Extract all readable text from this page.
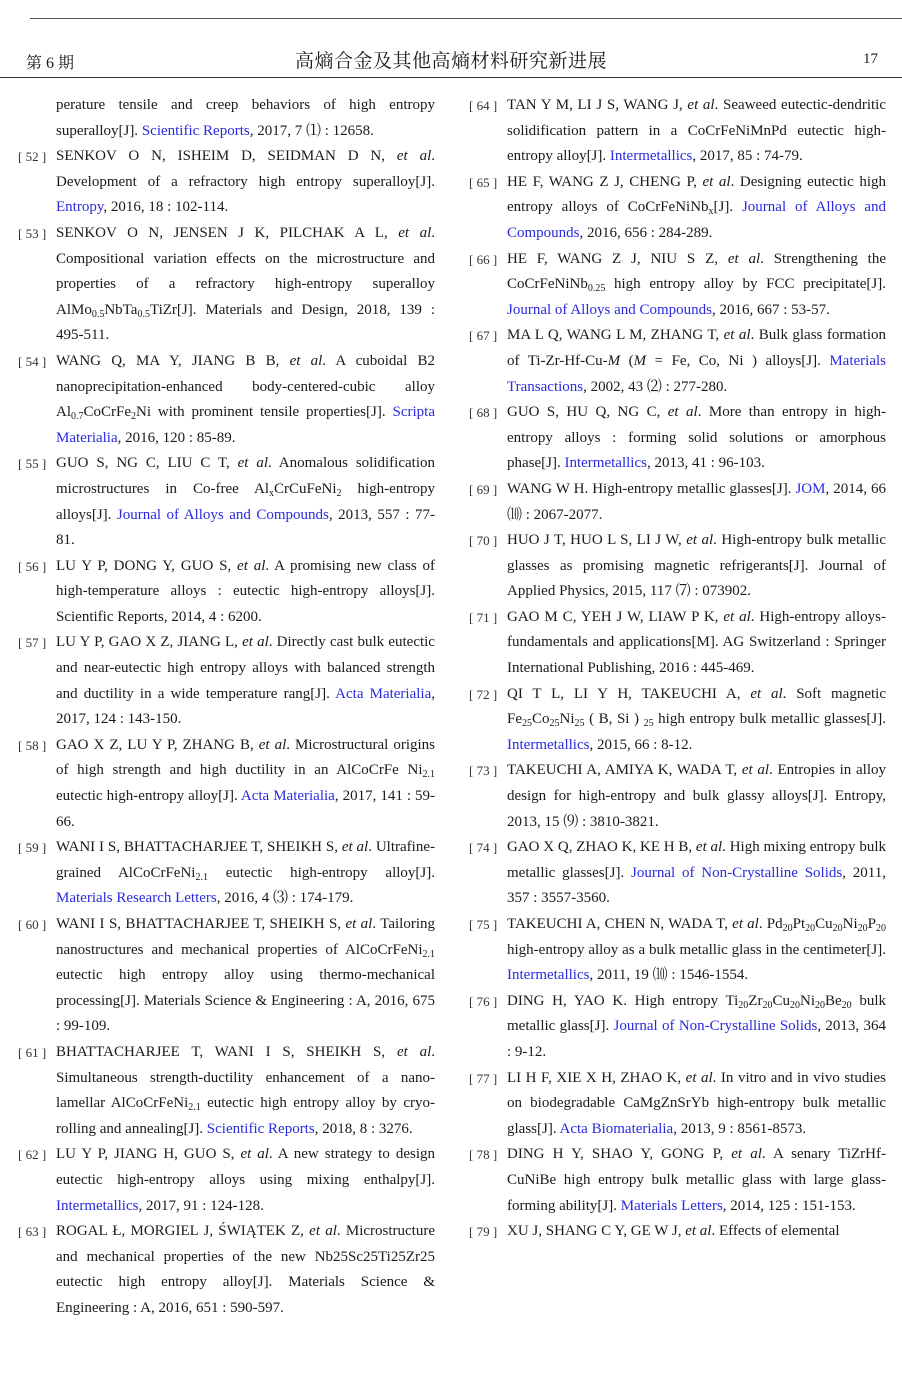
第 6 期	高熵合金及其他高熵材料研究新进展	17
perature tensile and creep behaviors of high entropy superalloy[J]. Scientific Reports, 2017, 7 ⑴ : 12658.
[ 52 ] SENKOV O N, ISHEIM D, SEIDMAN D N, et al. Development of a refractory high entropy superalloy[J]. Entropy, 2016, 18 : 102-114.
[ 53 ] SENKOV O N, JENSEN J K, PILCHAK A L, et al. Compositional variation effects on the microstructure and properties of a refractory high-entropy superalloy AlMo$_{0.5}$NbTa$_{0.5}$TiZr[J]. Materials and Design, 2018, 139 : 495-511.
[ 54 ] WANG Q, MA Y, JIANG B B, et al. A cuboidal B2 nanoprecipitation-enhanced body-centered-cubic alloy $Al_{0.7}CoCrFe_2Ni$ with prominent tensile properties[J]. Scripta Materialia, 2016, 120 : 85-89.
[ 55 ] GUO S, NG C, LIU C T, et al. Anomalous solidification microstructures in Co-free $Al_xCrCuFeNi_2$ high-entropy alloys[J]. Journal of Alloys and Compounds, 2013, 557 : 77-81.
[ 56 ] LU Y P, DONG Y, GUO S, et al. A promising new class of high-temperature alloys : eutectic high-entropy alloys[J]. Scientific Reports, 2014, 4 : 6200.
[ 57 ] LU Y P, GAO X Z, JIANG L, et al. Directly cast bulk eutectic and near-eutectic high entropy alloys with balanced strength and ductility in a wide temperature rang[J]. Acta Materialia, 2017, 124 : 143-150.
[ 58 ] GAO X Z, LU Y P, ZHANG B, et al. Microstructural origins of high strength and high ductility in an AlCoCrFe $Ni_{2.1}$ eutectic high-entropy alloy[J]. Acta Materialia, 2017, 141 : 59-66.
[ 59 ] WANI I S, BHATTACHARJEE T, SHEIKH S, et al. Ultrafine-grained AlCoCrFeNi$_{2.1}$ eutectic high-entropy alloy[J]. Materials Research Letters, 2016, 4 ⑶ : 174-179.
[ 60 ] WANI I S, BHATTACHARJEE T, SHEIKH S, et al. Tailoring nanostructures and mechanical properties of AlCoCrFeNi$_{2.1}$ eutectic high entropy alloy using thermo-mechanical processing[J]. Materials Science & Engineering : A, 2016, 675 : 99-109.
[ 61 ] BHATTACHARJEE T, WANI I S, SHEIKH S, et al. Simultaneous strength-ductility enhancement of a nano-lamellar AlCoCrFeNi$_{2.1}$ eutectic high entropy alloy by cryo-rolling and annealing[J]. Scientific Reports, 2018, 8 : 3276.
[ 62 ] LU Y P, JIANG H, GUO S, et al. A new strategy to design eutectic high-entropy alloys using mixing enthalpy[J]. Intermetallics, 2017, 91 : 124-128.
[ 63 ] ROGAL Ł, MORGIEL J, ŚWIĄTEK Z, et al. Microstructure and mechanical properties of the new Nb25Sc25Ti25Zr25 eutectic high entropy alloy[J]. Materials Science & Engineering : A, 2016, 651 : 590-597.
[ 64 ] TAN Y M, LI J S, WANG J, et al. Seaweed eutectic-dendritic solidification pattern in a CoCrFeNiMnPd eutectic high-entropy alloy[J]. Intermetallics, 2017, 85 : 74-79.
[ 65 ] HE F, WANG Z J, CHENG P, et al. Designing eutectic high entropy alloys of CoCrFeNiNb$_x$[J]. Journal of Alloys and Compounds, 2016, 656 : 284-289.
[ 66 ] HE F, WANG Z J, NIU S Z, et al. Strengthening the CoCrFeNiNb$_{0.25}$ high entropy alloy by FCC precipitate[J]. Journal of Alloys and Compounds, 2016, 667 : 53-57.
[ 67 ] MA L Q, WANG L M, ZHANG T, et al. Bulk glass formation of Ti-Zr-Hf-Cu-M (M = Fe, Co, Ni ) alloys[J]. Materials Transactions, 2002, 43 ⑵ : 277-280.
[ 68 ] GUO S, HU Q, NG C, et al. More than entropy in high-entropy alloys : forming solid solutions or amorphous phase[J]. Intermetallics, 2013, 41 : 96-103.
[ 69 ] WANG W H. High-entropy metallic glasses[J]. JOM, 2014, 66 ⑽ : 2067-2077.
[ 70 ] HUO J T, HUO L S, LI J W, et al. High-entropy bulk metallic glasses as promising magnetic refrigerants[J]. Journal of Applied Physics, 2015, 117 ⑺ : 073902.
[ 71 ] GAO M C, YEH J W, LIAW P K, et al. High-entropy alloys-fundamentals and applications[M]. AG Switzerland : Springer International Publishing, 2016 : 445-469.
[ 72 ] QI T L, LI Y H, TAKEUCHI A, et al. Soft magnetic $Fe_{25}Co_{25}Ni_{25}$ ( B, Si ) $_{25}$ high entropy bulk metallic glasses[J]. Intermetallics, 2015, 66 : 8-12.
[ 73 ] TAKEUCHI A, AMIYA K, WADA T, et al. Entropies in alloy design for high-entropy and bulk glassy alloys[J]. Entropy, 2013, 15 ⑼ : 3810-3821.
[ 74 ] GAO X Q, ZHAO K, KE H B, et al. High mixing entropy bulk metallic glasses[J]. Journal of Non-Crystalline Solids, 2011, 357 : 3557-3560.
[ 75 ] TAKEUCHI A, CHEN N, WADA T, et al. $Pd_{20}Pt_{20}Cu_{20}Ni_{20}P_{20}$ high-entropy alloy as a bulk metallic glass in the centimeter[J]. Intermetallics, 2011, 19 ⑽ : 1546-1554.
[ 76 ] DING H, YAO K. High entropy $Ti_{20}Zr_{20}Cu_{20}Ni_{20}Be_{20}$ bulk metallic glass[J]. Journal of Non-Crystalline Solids, 2013, 364 : 9-12.
[ 77 ] LI H F, XIE X H, ZHAO K, et al. In vitro and in vivo studies on biodegradable CaMgZnSrYb high-entropy bulk metallic glass[J]. Acta Biomaterialia, 2013, 9 : 8561-8573.
[ 78 ] DING H Y, SHAO Y, GONG P, et al. A senary TiZrHf-CuNiBe high entropy bulk metallic glass with large glass-forming ability[J]. Materials Letters, 2014, 125 : 151-153.
[ 79 ] XU J, SHANG C Y, GE W J, et al. Effects of elemental
